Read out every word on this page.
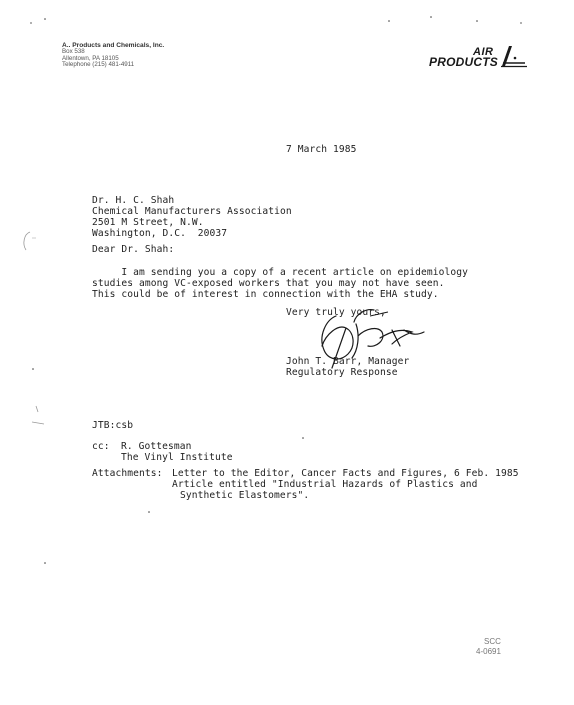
A.. Products and Chemicals, Inc.
Box 538
Allentown, PA 18105
Telephone (215) 481-4911
AIR
PRODUCTS
7 March 1985
Dr. H. C. Shah
Chemical Manufacturers Association
2501 M Street, N.W.
Washington, D.C.  20037
Dear Dr. Shah:
I am sending you a copy of a recent article on epidemiology
studies among VC-exposed workers that you may not have seen.
This could be of interest in connection with the EHA study.
Very truly yours,
John T. Barr, Manager
Regulatory Response
JTB:csb
cc: R. Gottesman
The Vinyl Institute
Attachments: Letter to the Editor, Cancer Facts and Figures, 6 Feb. 1985
Article entitled "Industrial Hazards of Plastics and
Synthetic Elastomers".
SCC
4-0691
